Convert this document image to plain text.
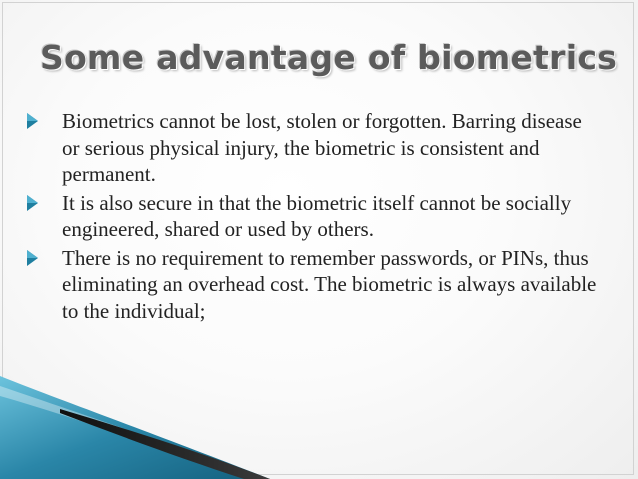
Some advantage of biometrics
Biometrics cannot be lost, stolen or forgotten. Barring disease or serious physical injury, the biometric is consistent and permanent.
It is also secure in that the biometric itself cannot be socially engineered, shared or used by others.
There is no requirement to remember passwords, or PINs, thus eliminating an overhead cost. The biometric is always available to the individual;
